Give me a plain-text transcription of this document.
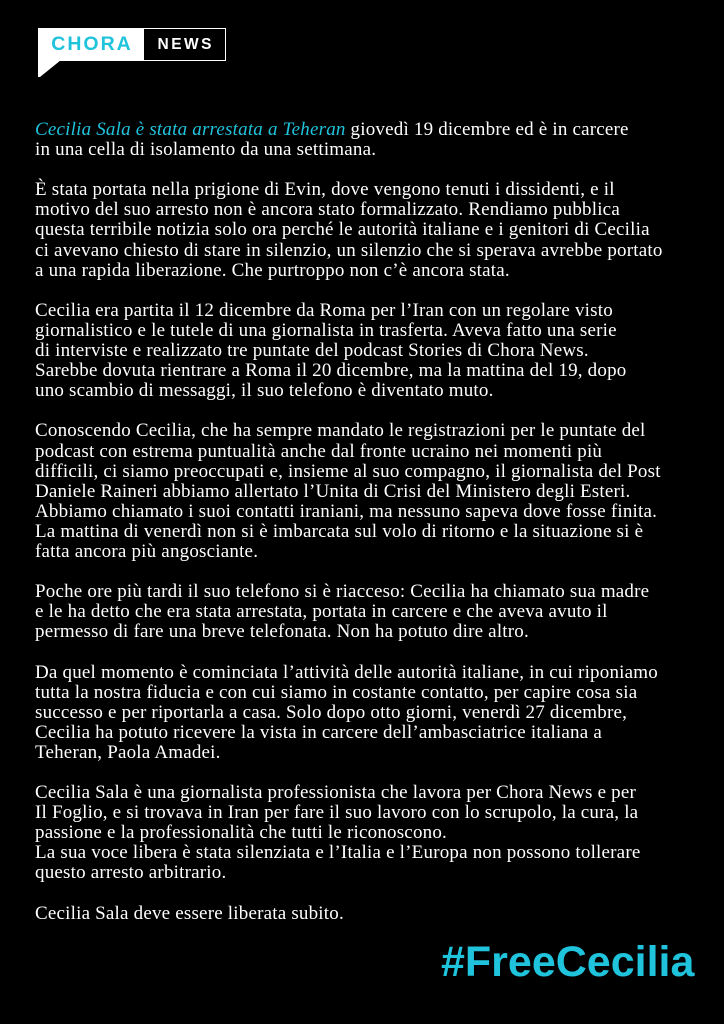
CHORA NEWS

Cecilia Sala è stata arrestata a Teheran giovedì 19 dicembre ed è in carcere
in una cella di isolamento da una settimana.

È stata portata nella prigione di Evin, dove vengono tenuti i dissidenti, e il
motivo del suo arresto non è ancora stato formalizzato. Rendiamo pubblica
questa terribile notizia solo ora perché le autorità italiane e i genitori di Cecilia
ci avevano chiesto di stare in silenzio, un silenzio che si sperava avrebbe portato
a una rapida liberazione. Che purtroppo non c’è ancora stata.

Cecilia era partita il 12 dicembre da Roma per l’Iran con un regolare visto
giornalistico e le tutele di una giornalista in trasferta. Aveva fatto una serie
di interviste e realizzato tre puntate del podcast Stories di Chora News.
Sarebbe dovuta rientrare a Roma il 20 dicembre, ma la mattina del 19, dopo
uno scambio di messaggi, il suo telefono è diventato muto.

Conoscendo Cecilia, che ha sempre mandato le registrazioni per le puntate del
podcast con estrema puntualità anche dal fronte ucraino nei momenti più
difficili, ci siamo preoccupati e, insieme al suo compagno, il giornalista del Post
Daniele Raineri abbiamo allertato l’Unita di Crisi del Ministero degli Esteri.
Abbiamo chiamato i suoi contatti iraniani, ma nessuno sapeva dove fosse finita.
La mattina di venerdì non si è imbarcata sul volo di ritorno e la situazione si è
fatta ancora più angosciante.

Poche ore più tardi il suo telefono si è riacceso: Cecilia ha chiamato sua madre
e le ha detto che era stata arrestata, portata in carcere e che aveva avuto il
permesso di fare una breve telefonata. Non ha potuto dire altro.

Da quel momento è cominciata l’attività delle autorità italiane, in cui riponiamo
tutta la nostra fiducia e con cui siamo in costante contatto, per capire cosa sia
successo e per riportarla a casa. Solo dopo otto giorni, venerdì 27 dicembre,
Cecilia ha potuto ricevere la vista in carcere dell’ambasciatrice italiana a
Teheran, Paola Amadei.

Cecilia Sala è una giornalista professionista che lavora per Chora News e per
Il Foglio, e si trovava in Iran per fare il suo lavoro con lo scrupolo, la cura, la
passione e la professionalità che tutti le riconoscono.
La sua voce libera è stata silenziata e l’Italia e l’Europa non possono tollerare
questo arresto arbitrario.

Cecilia Sala deve essere liberata subito.

#FreeCecilia
